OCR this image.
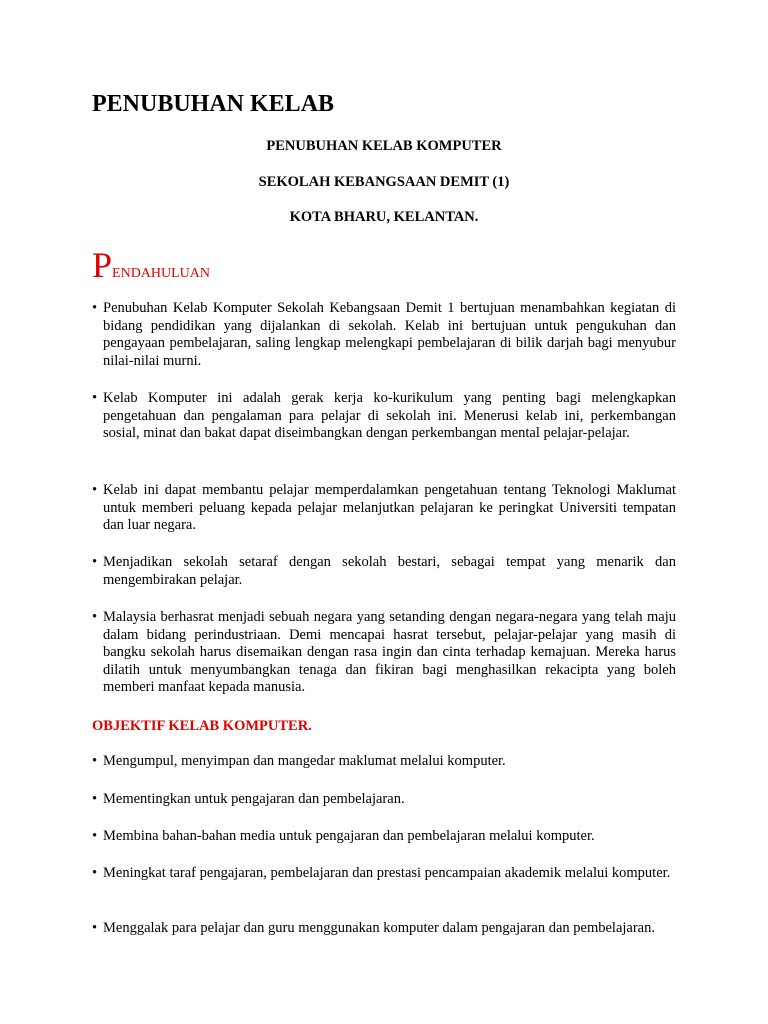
PENUBUHAN KELAB

PENUBUHAN KELAB KOMPUTER

SEKOLAH KEBANGSAAN DEMIT (1)

KOTA BHARU, KELANTAN.

PENDAHULUAN

• Penubuhan Kelab Komputer Sekolah Kebangsaan Demit 1 bertujuan menambahkan kegiatan di bidang pendidikan yang dijalankan di sekolah. Kelab ini bertujuan untuk pengukuhan dan pengayaan pembelajaran, saling lengkap melengkapi pembelajaran di bilik darjah bagi menyubur nilai-nilai murni.

• Kelab Komputer ini adalah gerak kerja ko-kurikulum yang penting bagi melengkapkan pengetahuan dan pengalaman para pelajar di sekolah ini. Menerusi kelab ini, perkembangan sosial, minat dan bakat dapat diseimbangkan dengan perkembangan mental pelajar-pelajar.

• Kelab ini dapat membantu pelajar memperdalamkan pengetahuan tentang Teknologi Maklumat untuk memberi peluang kepada pelajar melanjutkan pelajaran ke peringkat Universiti tempatan dan luar negara.

• Menjadikan sekolah setaraf dengan sekolah bestari, sebagai tempat yang menarik dan mengembirakan pelajar.

• Malaysia berhasrat menjadi sebuah negara yang setanding dengan negara-negara yang telah maju dalam bidang perindustriaan. Demi mencapai hasrat tersebut, pelajar-pelajar yang masih di bangku sekolah harus disemaikan dengan rasa ingin dan cinta terhadap kemajuan. Mereka harus dilatih untuk menyumbangkan tenaga dan fikiran bagi menghasilkan rekacipta yang boleh memberi manfaat kepada manusia.

OBJEKTIF KELAB KOMPUTER.

• Mengumpul, menyimpan dan mangedar maklumat melalui komputer.

• Mementingkan untuk pengajaran dan pembelajaran.

• Membina bahan-bahan media untuk pengajaran dan pembelajaran melalui komputer.

• Meningkat taraf pengajaran, pembelajaran dan prestasi pencampaian akademik melalui komputer.

• Menggalak para pelajar dan guru menggunakan komputer dalam pengajaran dan pembelajaran.
